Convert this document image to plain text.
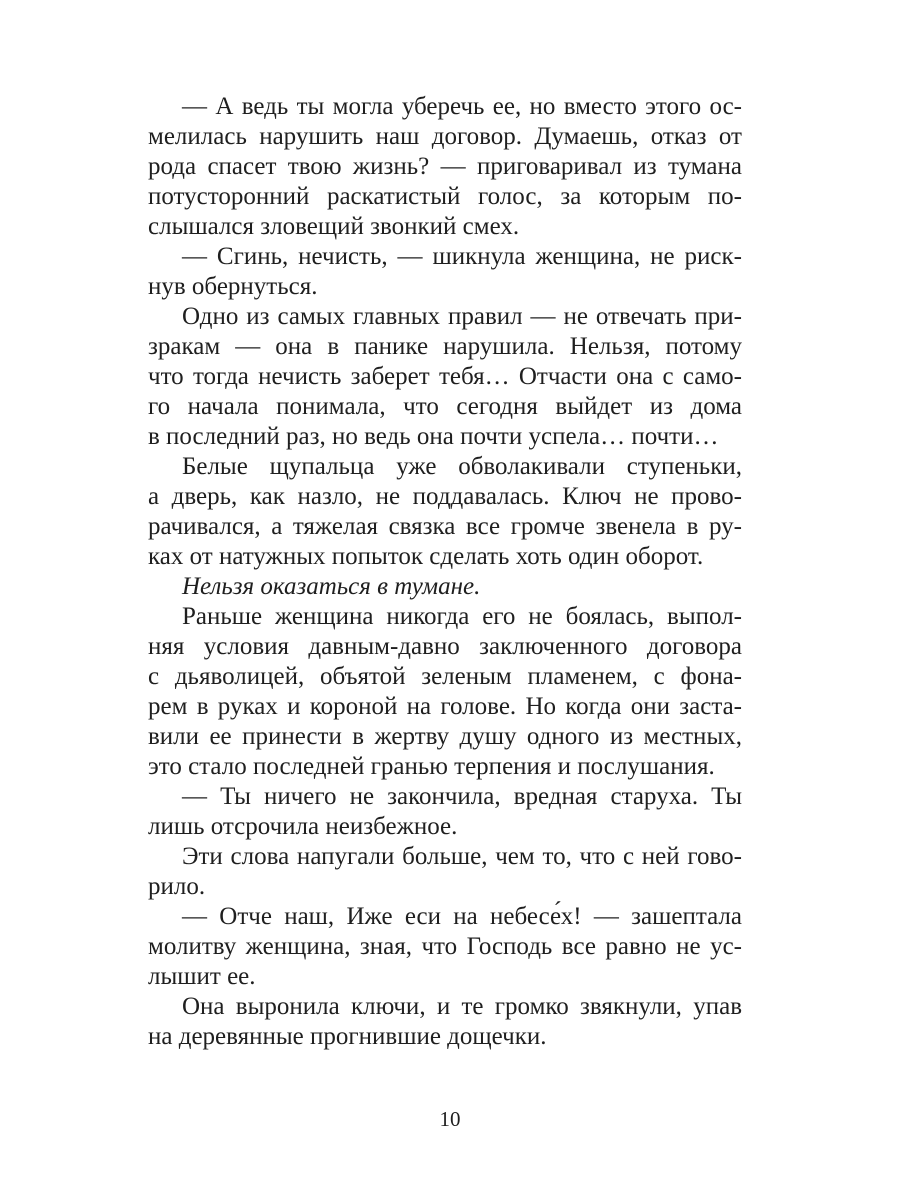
— А ведь ты могла уберечь ее, но вместо этого ос-
мелилась нарушить наш договор. Думаешь, отказ от
рода спасет твою жизнь? — приговаривал из тумана
потусторонний раскатистый голос, за которым по-
слышался зловещий звонкий смех.
— Сгинь, нечисть, — шикнула женщина, не риск-
нув обернуться.
Одно из самых главных правил — не отвечать при-
зракам — она в панике нарушила. Нельзя, потому
что тогда нечисть заберет тебя… Отчасти она с само-
го начала понимала, что сегодня выйдет из дома
в последний раз, но ведь она почти успела… почти…
Белые щупальца уже обволакивали ступеньки,
а дверь, как назло, не поддавалась. Ключ не прово-
рачивался, а тяжелая связка все громче звенела в ру-
ках от натужных попыток сделать хоть один оборот.
Нельзя оказаться в тумане.
Раньше женщина никогда его не боялась, выпол-
няя условия давным-давно заключенного договора
с дьяволицей, объятой зеленым пламенем, с фона-
рем в руках и короной на голове. Но когда они заста-
вили ее принести в жертву душу одного из местных,
это стало последней гранью терпения и послушания.
— Ты ничего не закончила, вредная старуха. Ты
лишь отсрочила неизбежное.
Эти слова напугали больше, чем то, что с ней гово-
рило.
— Отче наш, Иже еси на небесе́х! — зашептала
молитву женщина, зная, что Господь все равно не ус-
лышит ее.
Она выронила ключи, и те громко звякнули, упав
на деревянные прогнившие дощечки.
10
